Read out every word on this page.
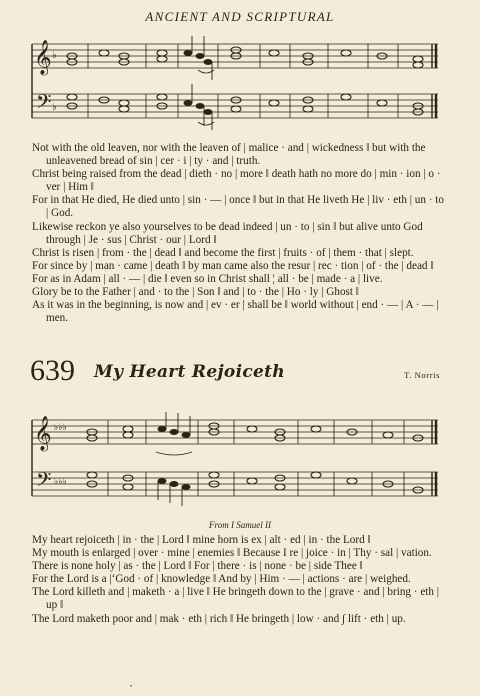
ANCIENT AND SCRIPTURAL
𝄞
𝄢
♭
♭

Not with the old leaven, nor with the leaven of | malice · and | wickedness ‖ but with the unleavened bread of sin | cer · i | ty · and | truth.

Christ being raised from the dead | dieth · no | more ‖ death hath no more do | min · ion | o · ver | Him ‖

For in that He died, He died unto | sin · — | once ‖ but in that He liveth He | liv · eth | un · to | God.

Likewise reckon ye also yourselves to be dead indeed | un · to | sin ‖ but alive unto God through | Je · sus | Christ · our | Lord ‖

Christ is risen | from · the | dead ‖ and become the first | fruits · of | them · that | slept.

For since by | man · came | death ‖ by man came also the resur | rec · tion | of · the | dead ‖

For as in Adam | all · — | die ‖ even so in Christ shall ¦ all · be | made · a | live.

Glory be to the Father | and · to the | Son ‖ and | to · the | Ho · ly | Ghost ‖

As it was in the beginning, is now and | ev · er | shall be ‖ world without | end · — | A · — | men.

639 My Heart Rejoiceth	T. Norris
𝄞
𝄢
♭♭♭
♭♭♭
From I Samuel II

My heart rejoiceth | in · the | Lord ‖ mine horn is ex | alt · ed | in · the Lord ‖

My mouth is enlarged | over · mine | enemies ‖ Because I re | joice · in | Thy · sal | vation.

There is none holy | as · the | Lord ‖ For | there · is | none · be | side Thee ‖

For the Lord is a |‘God · of | knowledge ‖ And by | Him · — | actions · are | weighed.

The Lord killeth and | maketh · a | live ‖ He bringeth down to the | grave · and | bring · eth | up ‖

The Lord maketh poor and | mak · eth | rich ‖ He bringeth | low · and ∫ lift · eth | up.

•
